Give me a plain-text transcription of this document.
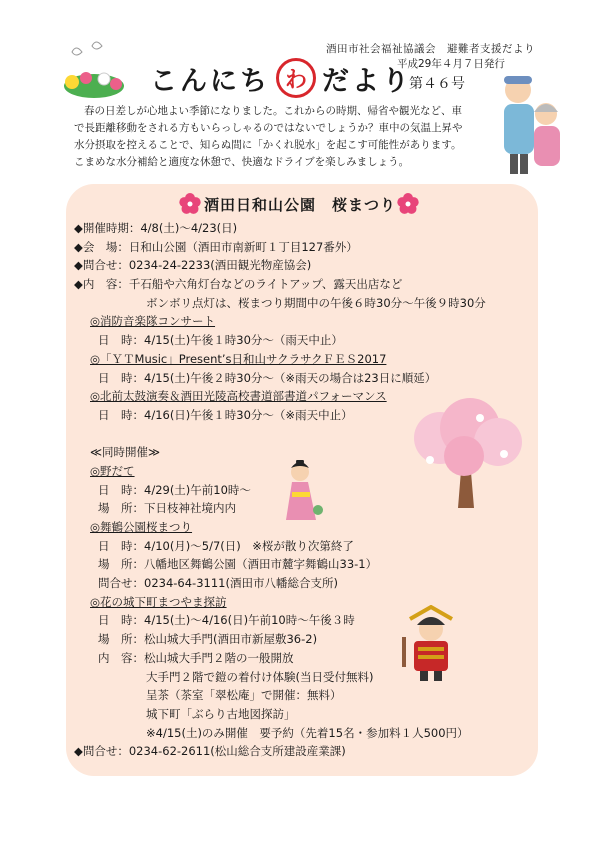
酒田市社会福祉協議会　避難者支援だより
平成29年４月７日発行
こんにち わ だより
第４６号

春の日差しが心地よい季節になりました。これからの時期、帰省や観光など、車

で長距離移動をされる方もいらっしゃるのではないでしょうか？車中の気温上昇や

水分摂取を控えることで、知らぬ間に「かくれ脱水」を起こす可能性があります。

こまめな水分補給と適度な休憩で、快適なドライブを楽しみましょう。

酒田日和山公園　桜まつり
◆開催時期：4/8(土)～4/23(日)
◆会　場：日和山公園（酒田市南新町１丁目127番外）
◆問合せ：0234-24-2233(酒田観光物産協会)
◆内　容：千石船や六角灯台などのライトアップ、露天出店など
ボンボリ点灯は、桜まつり期間中の午後６時30分～午後９時30分
◎消防音楽隊コンサート
日　時：4/15(土)午後１時30分～（雨天中止）
◎「ＹＴMusic」Present’s日和山サクラサクＦＥＳ2017
日　時：4/15(土)午後２時30分～（※雨天の場合は23日に順延）
◎北前太鼓演奏＆酒田光陵高校書道部書道パフォーマンス
日　時：4/16(日)午後１時30分～（※雨天中止）
≪同時開催≫
◎野だて
日　時：4/29(土)午前10時～
場　所：下日枝神社境内内
◎舞鶴公園桜まつり
日　時：4/10(月)～5/7(日)　※桜が散り次第終了
場　所：八幡地区舞鶴公園（酒田市麓字舞鶴山33-1）
問合せ：0234-64-3111(酒田市八幡総合支所)
◎花の城下町まつやま探訪
日　時：4/15(土)～4/16(日)午前10時～午後３時
場　所：松山城大手門(酒田市新屋敷36-2)
内　容：松山城大手門２階の一般開放
大手門２階で鎧の着付け体験(当日受付無料)
呈茶（茶室「翠松庵」で開催：無料）
城下町「ぶらり古地図探訪」
※4/15(土)のみ開催　要予約（先着15名・参加料１人500円）
◆問合せ：0234-62-2611(松山総合支所建設産業課)
